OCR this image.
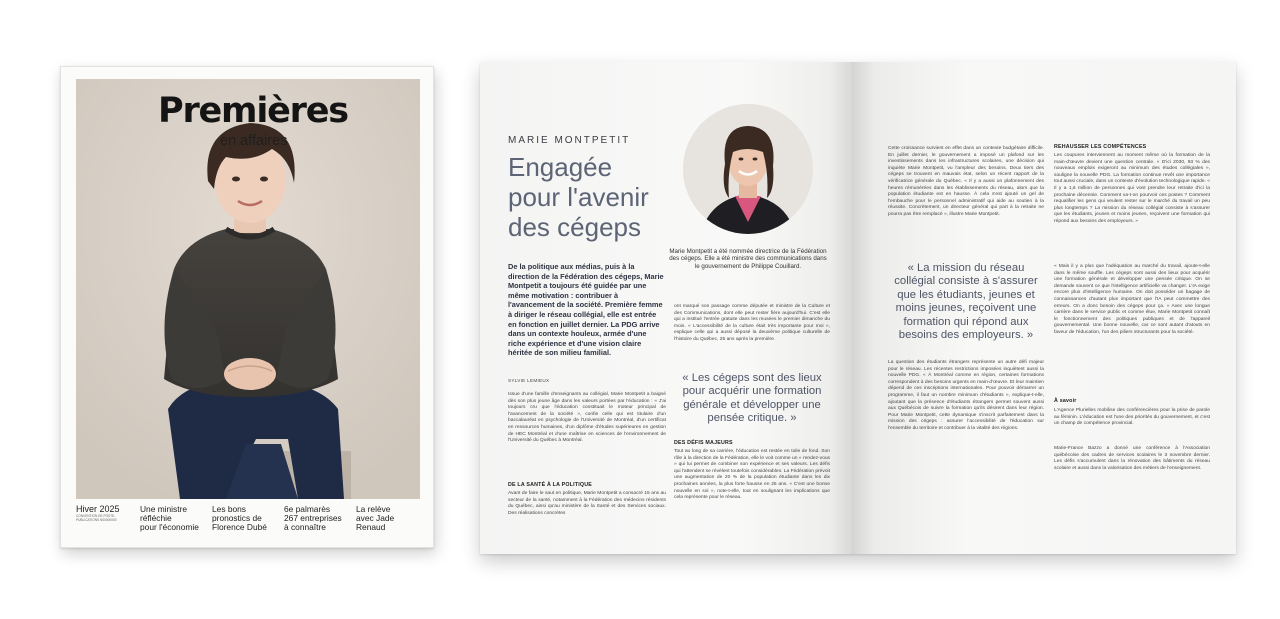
Premières
en affaires
Hiver 2025
CONVENTION DE POSTE-PUBLICATIONS N00000000
Une ministre
réfléchie
pour l'économie
Les bons
pronostics de
Florence Dubé
6e palmarès
267 entreprises
à connaître
La relève
avec Jade
Renaud
MARIE MONTPETIT
Engagée
pour l'avenir
des cégeps
Marie Montpetit a été nommée directrice de la Fédération des cégeps. Elle a été ministre des communications dans le gouvernement de Philippe Couillard.
De la politique aux médias, puis à la direction de la Fédération des cégeps, Marie Montpetit a toujours été guidée par une même motivation : contribuer à l'avancement de la société. Première femme à diriger le réseau collégial, elle est entrée en fonction en juillet dernier. La PDG arrive dans un contexte houleux, armée d'une riche expérience et d'une vision claire héritée de son milieu familial.
SYLVIE LEMIEUX
Issue d'une famille d'enseignants au collégial, Marie Montpetit a baigné dès son plus jeune âge dans les valeurs portées par l'éducation : « J'ai toujours cru que l'éducation constituait le moteur principal de l'avancement de la société », confie celle qui est titulaire d'un baccalauréat en psychologie de l'Université de Montréal, d'un certificat en ressources humaines, d'un diplôme d'études supérieures en gestion de HEC Montréal et d'une maîtrise en sciences de l'environnement de l'Université du Québec à Montréal.
DE LA SANTÉ À LA POLITIQUE
Avant de faire le saut en politique, Marie Montpetit a consacré 15 ans au secteur de la santé, notamment à la Fédération des médecins résidents du Québec, ainsi qu'au ministère de la Santé et des Services sociaux. Des réalisations concrètes
ont marqué son passage comme députée et ministre de la Culture et des Communications, dont elle peut rester fière aujourd'hui. C'est elle qui a institué l'entrée gratuite dans les musées le premier dimanche du mois. « L'accessibilité de la culture était très importante pour moi », explique celle qui a aussi déposé la deuxième politique culturelle de l'histoire du Québec, 25 ans après la première.
« Les cégeps sont des lieux pour acquérir une formation générale et développer une pensée critique. »
DES DÉFIS MAJEURS
Tout au long de sa carrière, l'éducation est restée en toile de fond. Son rôle à la direction de la Fédération, elle le voit comme un « rendez-vous » qui lui permet de combiner son expérience et ses valeurs. Les défis qui l'attendent se révèlent toutefois considérables. La Fédération prévoit une augmentation de 20 % de la population étudiante dans les dix prochaines années, la plus forte hausse en 25 ans. « C'est une bonne nouvelle en soi », note-t-elle, tout en soulignant les implications que cela représente pour le réseau.
Cette croissance survient en effet dans un contexte budgétaire difficile. En juillet dernier, le gouvernement a imposé un plafond sur les investissements dans les infrastructures scolaires, une décision qui inquiète Marie Montpetit, vu l'ampleur des besoins. Deux tiers des cégeps se trouvent en mauvais état, selon un récent rapport de la vérificatrice générale du Québec. « Il y a aussi un plafonnement des heures rémunérées dans les établissements du réseau, alors que la population étudiante est en hausse. À cela s'est ajouté un gel de l'embauche pour le personnel administratif qui aide au soutien à la réussite. Concrètement, un directeur général qui part à la retraite ne pourra pas être remplacé », illustre Marie Montpetit.
« La mission du réseau collégial consiste à s'assurer que les étudiants, jeunes et moins jeunes, reçoivent une formation qui répond aux besoins des employeurs. »
La question des étudiants étrangers représente un autre défi majeur pour le réseau. Les récentes restrictions imposées inquiètent aussi la nouvelle PDG. « À Montréal comme en région, certaines formations correspondent à des besoins urgents en main-d'œuvre. Et leur maintien dépend de ces inscriptions internationales. Pour pouvoir démarrer un programme, il faut un nombre minimum d'étudiants », explique-t-elle, ajoutant que la présence d'étudiants étrangers permet souvent aussi aux Québécois de suivre la formation qu'ils désirent dans leur région. Pour Marie Montpetit, cette dynamique s'inscrit parfaitement dans la mission des cégeps : assurer l'accessibilité de l'éducation sur l'ensemble du territoire et contribuer à la vitalité des régions.
REHAUSSER LES COMPÉTENCES
Les coupures interviennent au moment même où la formation de la main-d'œuvre devient une question centrale. « D'ici 2030, 93 % des nouveaux emplois exigeront au minimum des études collégiales », souligne la nouvelle PDG. La formation continue revêt une importance tout aussi cruciale, dans un contexte d'évolution technologique rapide. « Il y a 1,6 million de personnes qui vont prendre leur retraite d'ici la prochaine décennie. Comment va-t-on pourvoir ces postes ? Comment requalifier les gens qui veulent rester sur le marché du travail un peu plus longtemps ? La mission du réseau collégial consiste à s'assurer que les étudiants, jeunes et moins jeunes, reçoivent une formation qui répond aux besoins des employeurs. »
« Mais il y a plus que l'adéquation au marché du travail, ajoute-t-elle dans le même souffle. Les cégeps sont aussi des lieux pour acquérir une formation générale et développer une pensée critique. On se demande souvent ce que l'intelligence artificielle va changer. L'IA exige encore plus d'intelligence humaine. On doit posséder un bagage de connaissances d'autant plus important que l'IA peut commettre des erreurs. On a donc besoin des cégeps pour ça. » Avec une longue carrière dans le service public et comme élue, Marie Montpetit connaît le fonctionnement des politiques publiques et de l'appareil gouvernemental. Une bonne nouvelle, car ce sont autant d'atouts en faveur de l'éducation, l'un des piliers structurants pour la société.
À savoir
L'Agence Plurielles mobilise des conférencières pour la prise de parole au féminin. L'éducation est l'une des priorités du gouvernement, et c'est un champ de compétence provincial.
Marie-France Bazzo a donné une conférence à l'Association québécoise des cadres de services scolaires le 3 novembre dernier. Les défis s'accumulent dans la rénovation des bâtiments du réseau scolaire et aussi dans la valorisation des métiers de l'enseignement.
